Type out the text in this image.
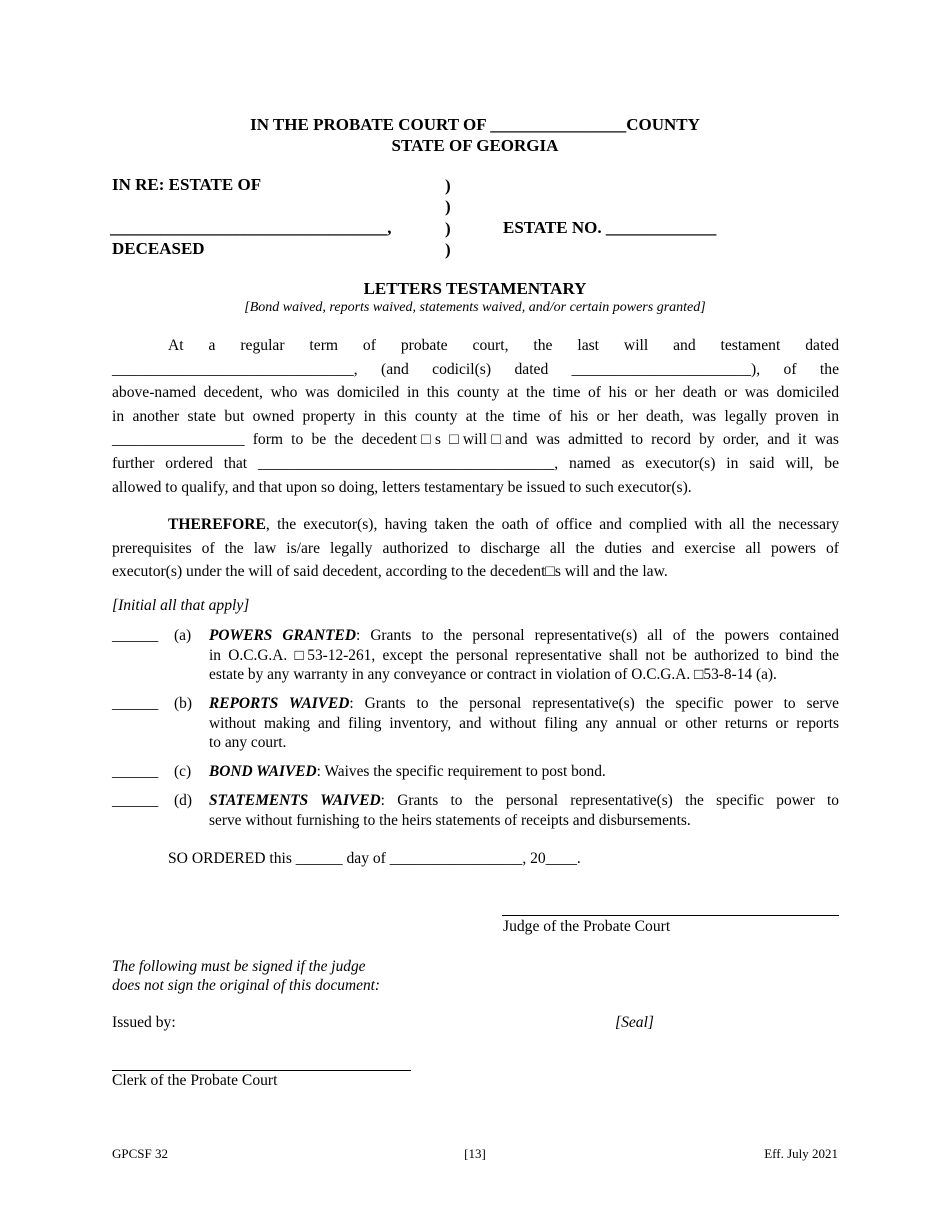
IN THE PROBATE COURT OF ________________COUNTY
STATE OF GEORGIA
IN RE: ESTATE OF
_________________________________,
DECEASED
)
)
)
)
ESTATE NO. _____________
LETTERS TESTAMENTARY
[Bond waived, reports waived, statements waived, and/or certain powers granted]
At a regular term of probate court, the last will and testament dated
_______________________________, (and codicil(s) dated _______________________), of the
above-named decedent, who was domiciled in this county at the time of his or her death or was domiciled
in another state but owned property in this county at the time of his or her death, was legally proven in
_________________ form to be the decedent□s □will□and was admitted to record by order, and it was
further ordered that ______________________________________, named as executor(s) in said will, be
allowed to qualify, and that upon so doing, letters testamentary be issued to such executor(s).
THEREFORE, the executor(s), having taken the oath of office and complied with all the necessary
prerequisites of the law is/are legally authorized to discharge all the duties and exercise all powers of
executor(s) under the will of said decedent, according to the decedent□s will and the law.
[Initial all that apply]
______ (a) POWERS GRANTED: Grants to the personal representative(s) all of the powers contained
in O.C.G.A. □53-12-261, except the personal representative shall not be authorized to bind the
estate by any warranty in any conveyance or contract in violation of O.C.G.A. □53-8-14 (a).
______ (b) REPORTS WAIVED: Grants to the personal representative(s) the specific power to serve
without making and filing inventory, and without filing any annual or other returns or reports
to any court.
______ (c) BOND WAIVED: Waives the specific requirement to post bond.
______ (d) STATEMENTS WAIVED: Grants to the personal representative(s) the specific power to
serve without furnishing to the heirs statements of receipts and disbursements.
SO ORDERED this ______ day of _________________, 20____.
Judge of the Probate Court
The following must be signed if the judge
does not sign the original of this document:
Issued by:	[Seal]
Clerk of the Probate Court
GPCSF 32	[13]	Eff. July 2021
